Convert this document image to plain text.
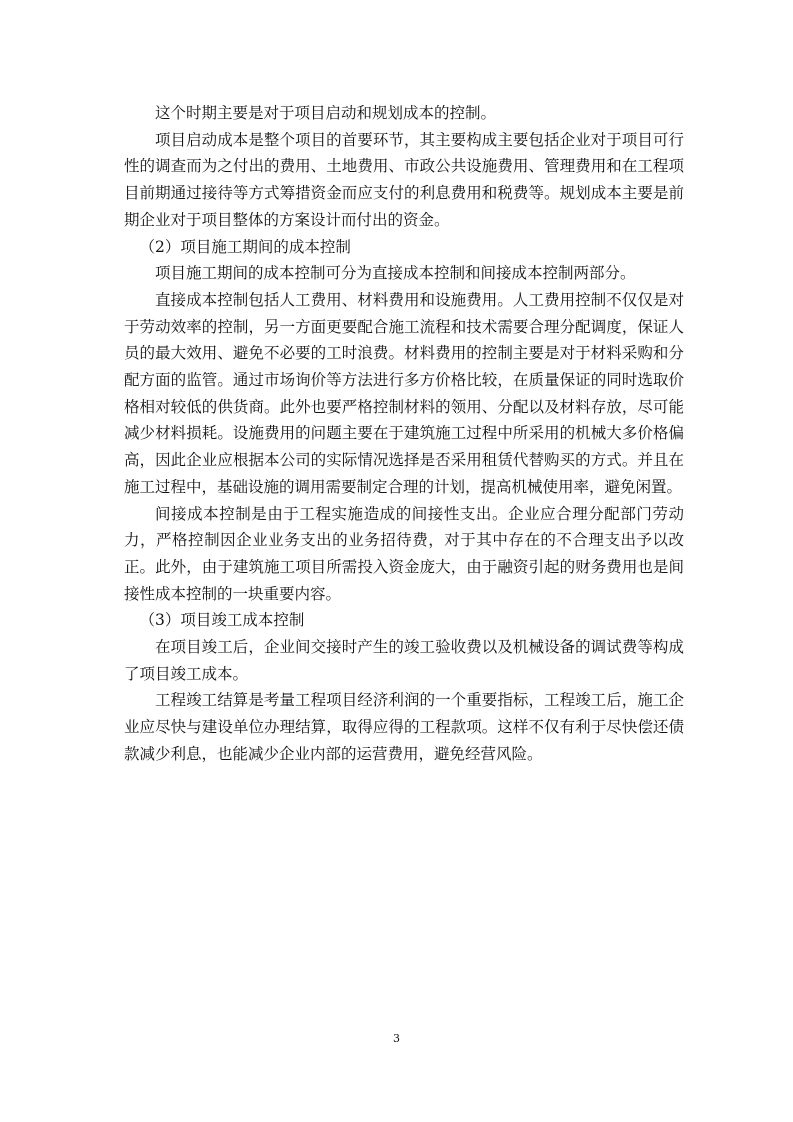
这个时期主要是对于项目启动和规划成本的控制。

项目启动成本是整个项目的首要环节，其主要构成主要包括企业对于项目可行性的调查而为之付出的费用、土地费用、市政公共设施费用、管理费用和在工程项目前期通过接待等方式筹措资金而应支付的利息费用和税费等。规划成本主要是前期企业对于项目整体的方案设计而付出的资金。

（2）项目施工期间的成本控制

项目施工期间的成本控制可分为直接成本控制和间接成本控制两部分。

直接成本控制包括人工费用、材料费用和设施费用。人工费用控制不仅仅是对于劳动效率的控制，另一方面更要配合施工流程和技术需要合理分配调度，保证人员的最大效用、避免不必要的工时浪费。材料费用的控制主要是对于材料采购和分配方面的监管。通过市场询价等方法进行多方价格比较，在质量保证的同时选取价格相对较低的供货商。此外也要严格控制材料的领用、分配以及材料存放，尽可能减少材料损耗。设施费用的问题主要在于建筑施工过程中所采用的机械大多价格偏高，因此企业应根据本公司的实际情况选择是否采用租赁代替购买的方式。并且在施工过程中，基础设施的调用需要制定合理的计划，提高机械使用率，避免闲置。

间接成本控制是由于工程实施造成的间接性支出。企业应合理分配部门劳动力，严格控制因企业业务支出的业务招待费，对于其中存在的不合理支出予以改正。此外，由于建筑施工项目所需投入资金庞大，由于融资引起的财务费用也是间接性成本控制的一块重要内容。

（3）项目竣工成本控制

在项目竣工后，企业间交接时产生的竣工验收费以及机械设备的调试费等构成了项目竣工成本。

工程竣工结算是考量工程项目经济利润的一个重要指标，工程竣工后，施工企业应尽快与建设单位办理结算，取得应得的工程款项。这样不仅有利于尽快偿还债款减少利息，也能减少企业内部的运营费用，避免经营风险。

3
